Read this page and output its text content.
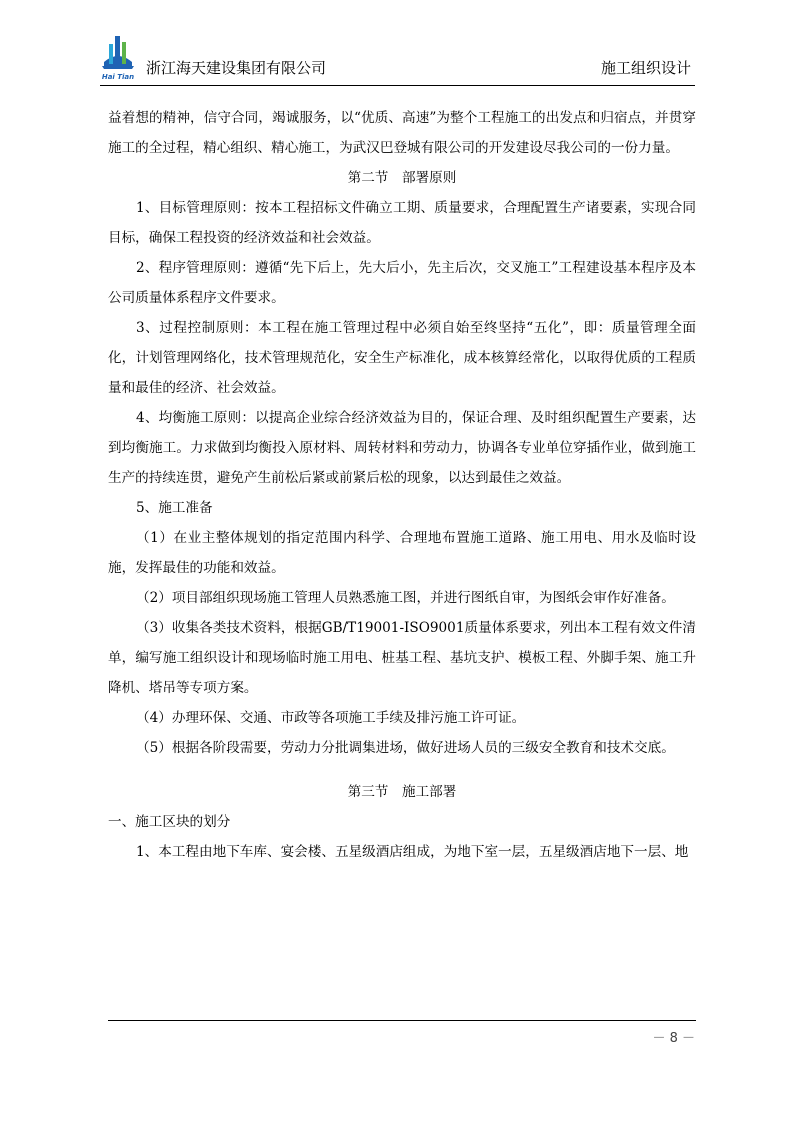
Hai Tian 浙江海天建设集团有限公司	施工组织设计

益着想的精神，信守合同，竭诚服务，以“优质、高速”为整个工程施工的出发点和归宿点，并贯穿施工的全过程，精心组织、精心施工，为武汉巴登城有限公司的开发建设尽我公司的一份力量。

第二节　部署原则

1、目标管理原则：按本工程招标文件确立工期、质量要求，合理配置生产诸要素，实现合同目标，确保工程投资的经济效益和社会效益。

2、程序管理原则：遵循“先下后上，先大后小，先主后次，交叉施工”工程建设基本程序及本公司质量体系程序文件要求。

3、过程控制原则：本工程在施工管理过程中必须自始至终坚持“五化”，即：质量管理全面化，计划管理网络化，技术管理规范化，安全生产标准化，成本核算经常化，以取得优质的工程质量和最佳的经济、社会效益。

4、均衡施工原则：以提高企业综合经济效益为目的，保证合理、及时组织配置生产要素，达到均衡施工。力求做到均衡投入原材料、周转材料和劳动力，协调各专业单位穿插作业，做到施工生产的持续连贯，避免产生前松后紧或前紧后松的现象，以达到最佳之效益。

5、施工准备

（1）在业主整体规划的指定范围内科学、合理地布置施工道路、施工用电、用水及临时设施，发挥最佳的功能和效益。

（2）项目部组织现场施工管理人员熟悉施工图，并进行图纸自审，为图纸会审作好准备。

（3）收集各类技术资料，根据GB/T19001-ISO9001质量体系要求，列出本工程有效文件清单，编写施工组织设计和现场临时施工用电、桩基工程、基坑支护、模板工程、外脚手架、施工升降机、塔吊等专项方案。

（4）办理环保、交通、市政等各项施工手续及排污施工许可证。

（5）根据各阶段需要，劳动力分批调集进场，做好进场人员的三级安全教育和技术交底。

第三节　施工部署

一、施工区块的划分

1、本工程由地下车库、宴会楼、五星级酒店组成，为地下室一层，五星级酒店地下一层、地

－ 8 －
